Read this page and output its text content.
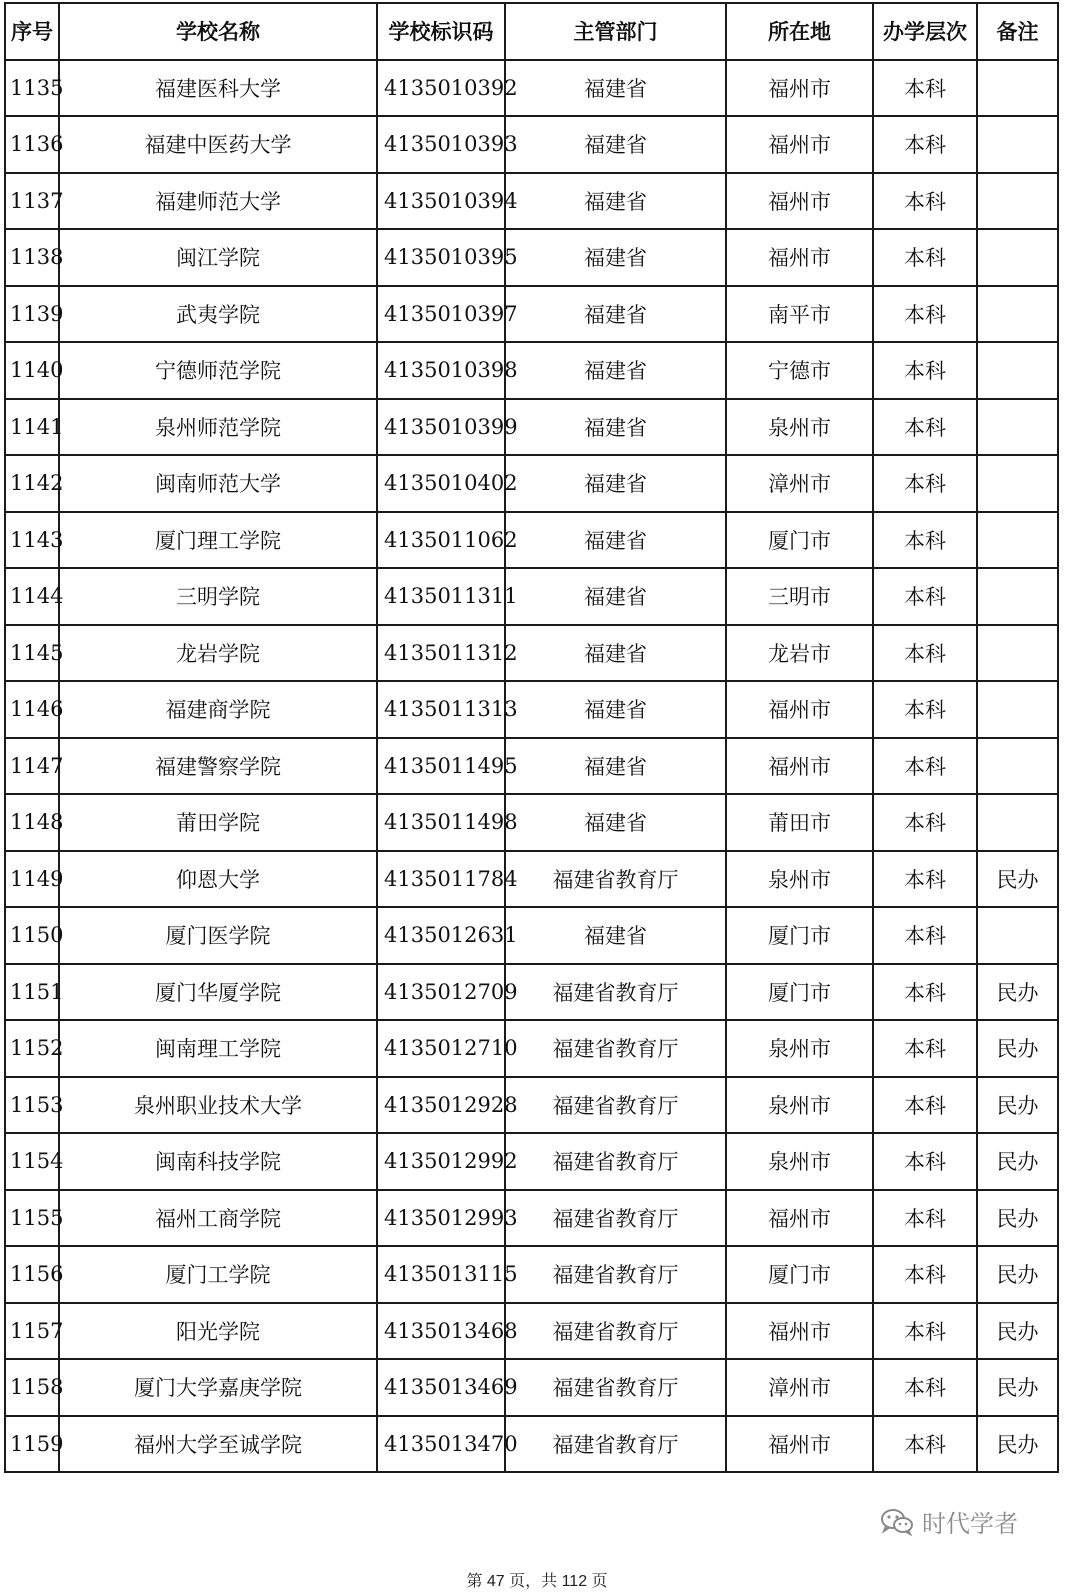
序号	学校名称	学校标识码	主管部门	所在地	办学层次	备注
1135	福建医科大学	4135010392	福建省	福州市	本科	
1136	福建中医药大学	4135010393	福建省	福州市	本科	
1137	福建师范大学	4135010394	福建省	福州市	本科	
1138	闽江学院	4135010395	福建省	福州市	本科	
1139	武夷学院	4135010397	福建省	南平市	本科	
1140	宁德师范学院	4135010398	福建省	宁德市	本科	
1141	泉州师范学院	4135010399	福建省	泉州市	本科	
1142	闽南师范大学	4135010402	福建省	漳州市	本科	
1143	厦门理工学院	4135011062	福建省	厦门市	本科	
1144	三明学院	4135011311	福建省	三明市	本科	
1145	龙岩学院	4135011312	福建省	龙岩市	本科	
1146	福建商学院	4135011313	福建省	福州市	本科	
1147	福建警察学院	4135011495	福建省	福州市	本科	
1148	莆田学院	4135011498	福建省	莆田市	本科	
1149	仰恩大学	4135011784	福建省教育厅	泉州市	本科	民办
1150	厦门医学院	4135012631	福建省	厦门市	本科	
1151	厦门华厦学院	4135012709	福建省教育厅	厦门市	本科	民办
1152	闽南理工学院	4135012710	福建省教育厅	泉州市	本科	民办
1153	泉州职业技术大学	4135012928	福建省教育厅	泉州市	本科	民办
1154	闽南科技学院	4135012992	福建省教育厅	泉州市	本科	民办
1155	福州工商学院	4135012993	福建省教育厅	福州市	本科	民办
1156	厦门工学院	4135013115	福建省教育厅	厦门市	本科	民办
1157	阳光学院	4135013468	福建省教育厅	福州市	本科	民办
1158	厦门大学嘉庚学院	4135013469	福建省教育厅	漳州市	本科	民办
1159	福州大学至诚学院	4135013470	福建省教育厅	福州市	本科	民办
时代学者
第 47 页，共 112 页
